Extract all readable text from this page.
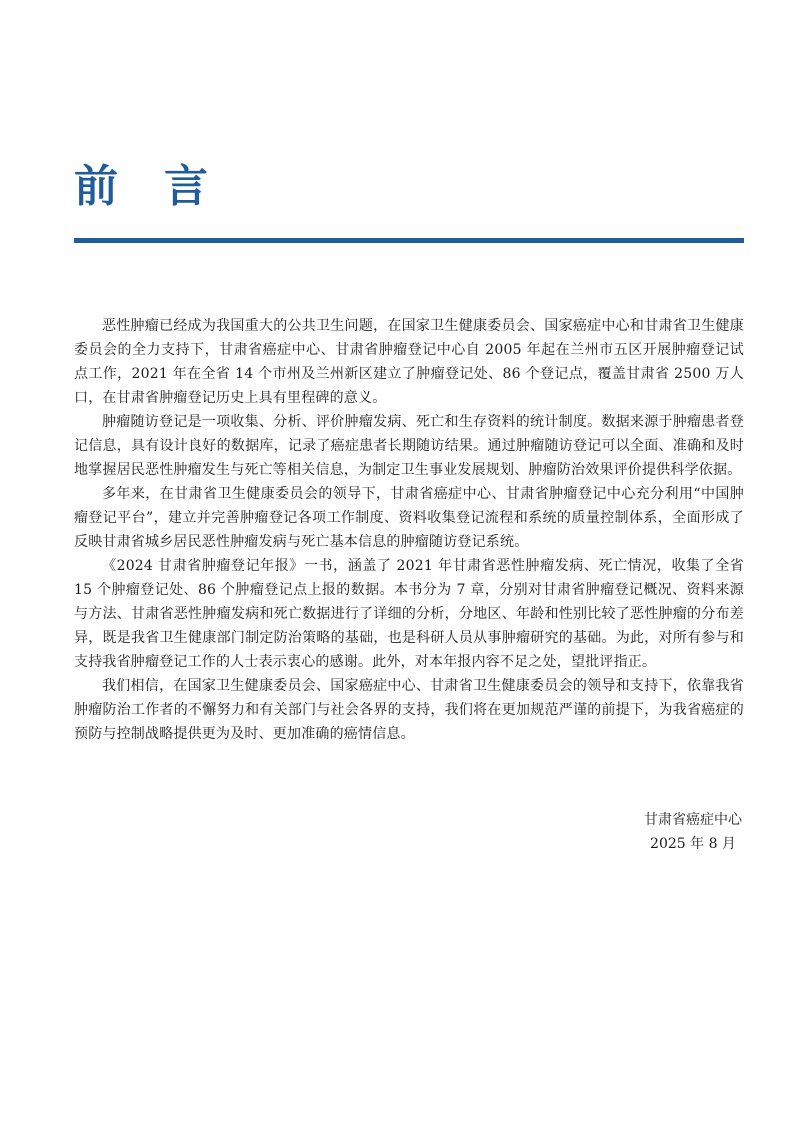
前 言

恶性肿瘤已经成为我国重大的公共卫生问题，在国家卫生健康委员会、国家癌症中心和甘肃省卫生健康委员会的全力支持下，甘肃省癌症中心、甘肃省肿瘤登记中心自 2005 年起在兰州市五区开展肿瘤登记试点工作，2021 年在全省 14 个市州及兰州新区建立了肿瘤登记处、86 个登记点，覆盖甘肃省 2500 万人口，在甘肃省肿瘤登记历史上具有里程碑的意义。

肿瘤随访登记是一项收集、分析、评价肿瘤发病、死亡和生存资料的统计制度。数据来源于肿瘤患者登记信息，具有设计良好的数据库，记录了癌症患者长期随访结果。通过肿瘤随访登记可以全面、准确和及时地掌握居民恶性肿瘤发生与死亡等相关信息，为制定卫生事业发展规划、肿瘤防治效果评价提供科学依据。

多年来，在甘肃省卫生健康委员会的领导下，甘肃省癌症中心、甘肃省肿瘤登记中心充分利用“中国肿瘤登记平台”，建立并完善肿瘤登记各项工作制度、资料收集登记流程和系统的质量控制体系，全面形成了反映甘肃省城乡居民恶性肿瘤发病与死亡基本信息的肿瘤随访登记系统。

《2024 甘肃省肿瘤登记年报》一书，涵盖了 2021 年甘肃省恶性肿瘤发病、死亡情况，收集了全省 15 个肿瘤登记处、86 个肿瘤登记点上报的数据。本书分为 7 章，分别对甘肃省肿瘤登记概况、资料来源与方法、甘肃省恶性肿瘤发病和死亡数据进行了详细的分析，分地区、年龄和性别比较了恶性肿瘤的分布差异，既是我省卫生健康部门制定防治策略的基础，也是科研人员从事肿瘤研究的基础。为此，对所有参与和支持我省肿瘤登记工作的人士表示衷心的感谢。此外，对本年报内容不足之处，望批评指正。

我们相信，在国家卫生健康委员会、国家癌症中心、甘肃省卫生健康委员会的领导和支持下，依靠我省肿瘤防治工作者的不懈努力和有关部门与社会各界的支持，我们将在更加规范严谨的前提下，为我省癌症的预防与控制战略提供更为及时、更加准确的癌情信息。

甘肃省癌症中心
2025 年 8 月
